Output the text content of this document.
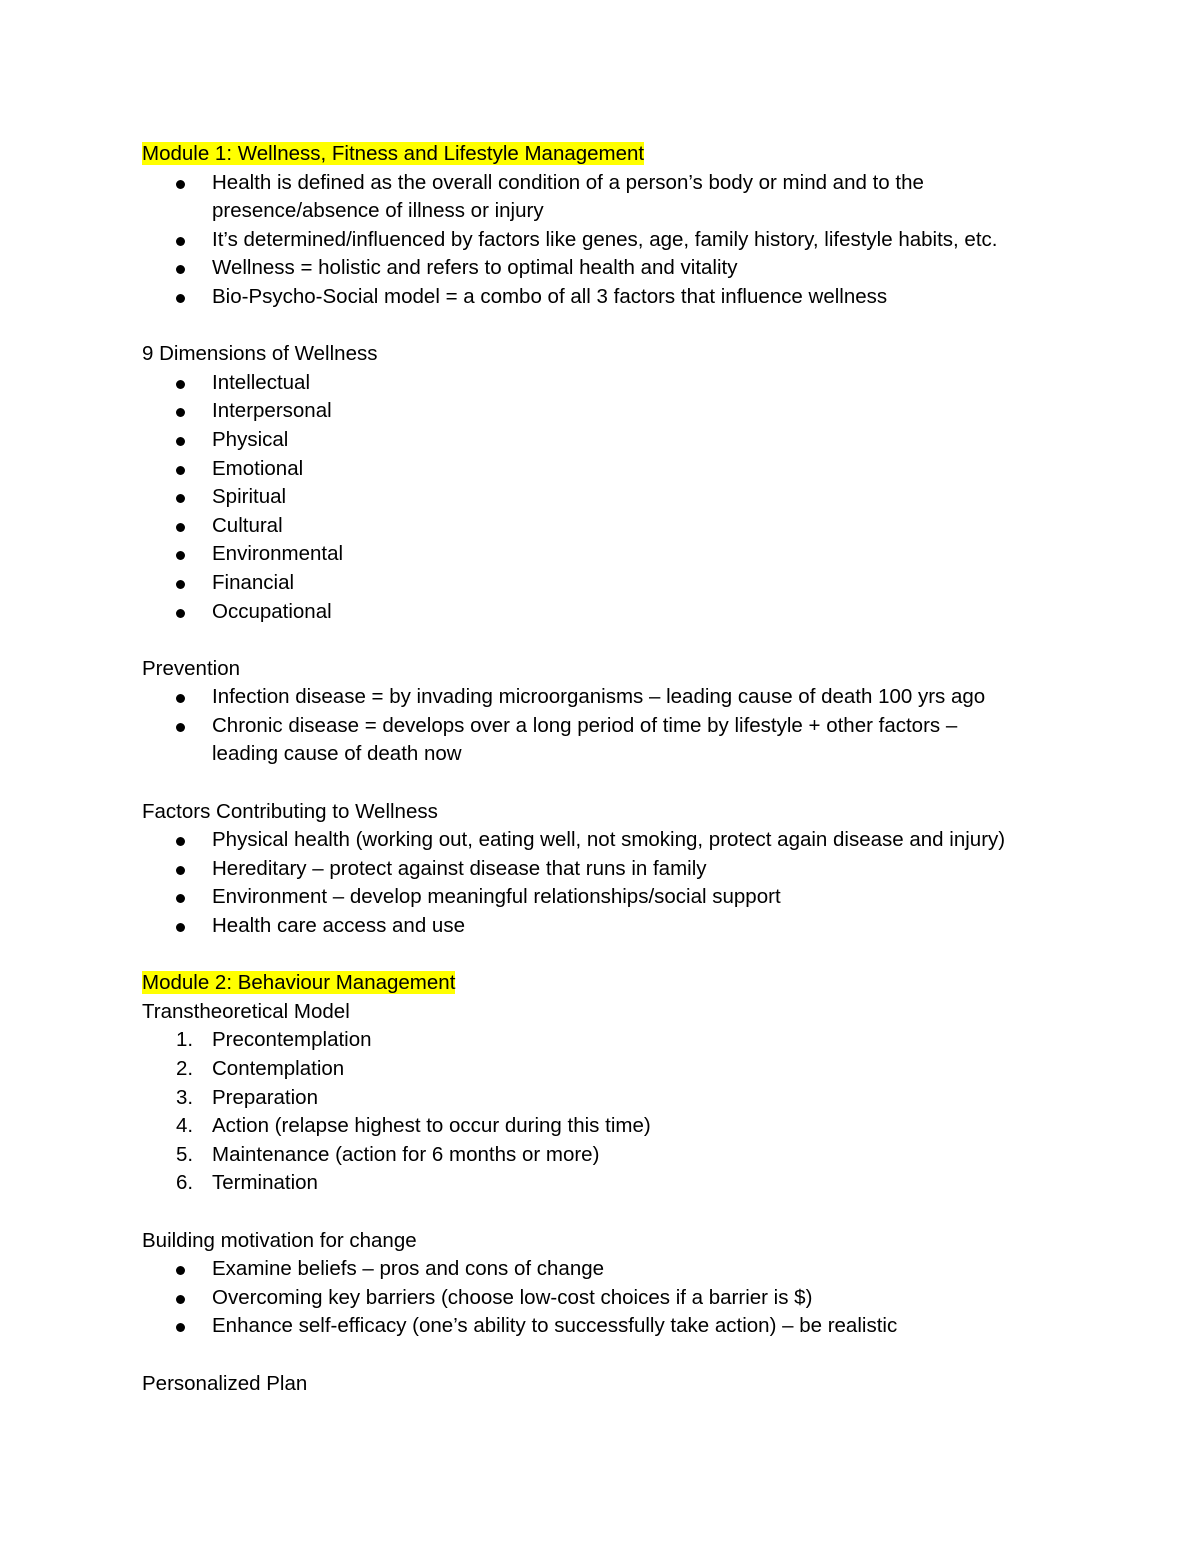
Module 1: Wellness, Fitness and Lifestyle Management
Health is defined as the overall condition of a person’s body or mind and to the
presence/absence of illness or injury
It’s determined/influenced by factors like genes, age, family history, lifestyle habits, etc.
Wellness = holistic and refers to optimal health and vitality
Bio-Psycho-Social model = a combo of all 3 factors that influence wellness
9 Dimensions of Wellness
Intellectual
Interpersonal
Physical
Emotional
Spiritual
Cultural
Environmental
Financial
Occupational
Prevention
Infection disease = by invading microorganisms – leading cause of death 100 yrs ago
Chronic disease = develops over a long period of time by lifestyle + other factors –
leading cause of death now
Factors Contributing to Wellness
Physical health (working out, eating well, not smoking, protect again disease and injury)
Hereditary – protect against disease that runs in family
Environment – develop meaningful relationships/social support
Health care access and use
Module 2: Behaviour Management
Transtheoretical Model
1. Precontemplation
2. Contemplation
3. Preparation
4. Action (relapse highest to occur during this time)
5. Maintenance (action for 6 months or more)
6. Termination
Building motivation for change
Examine beliefs – pros and cons of change
Overcoming key barriers (choose low-cost choices if a barrier is $)
Enhance self-efficacy (one’s ability to successfully take action) – be realistic
Personalized Plan
